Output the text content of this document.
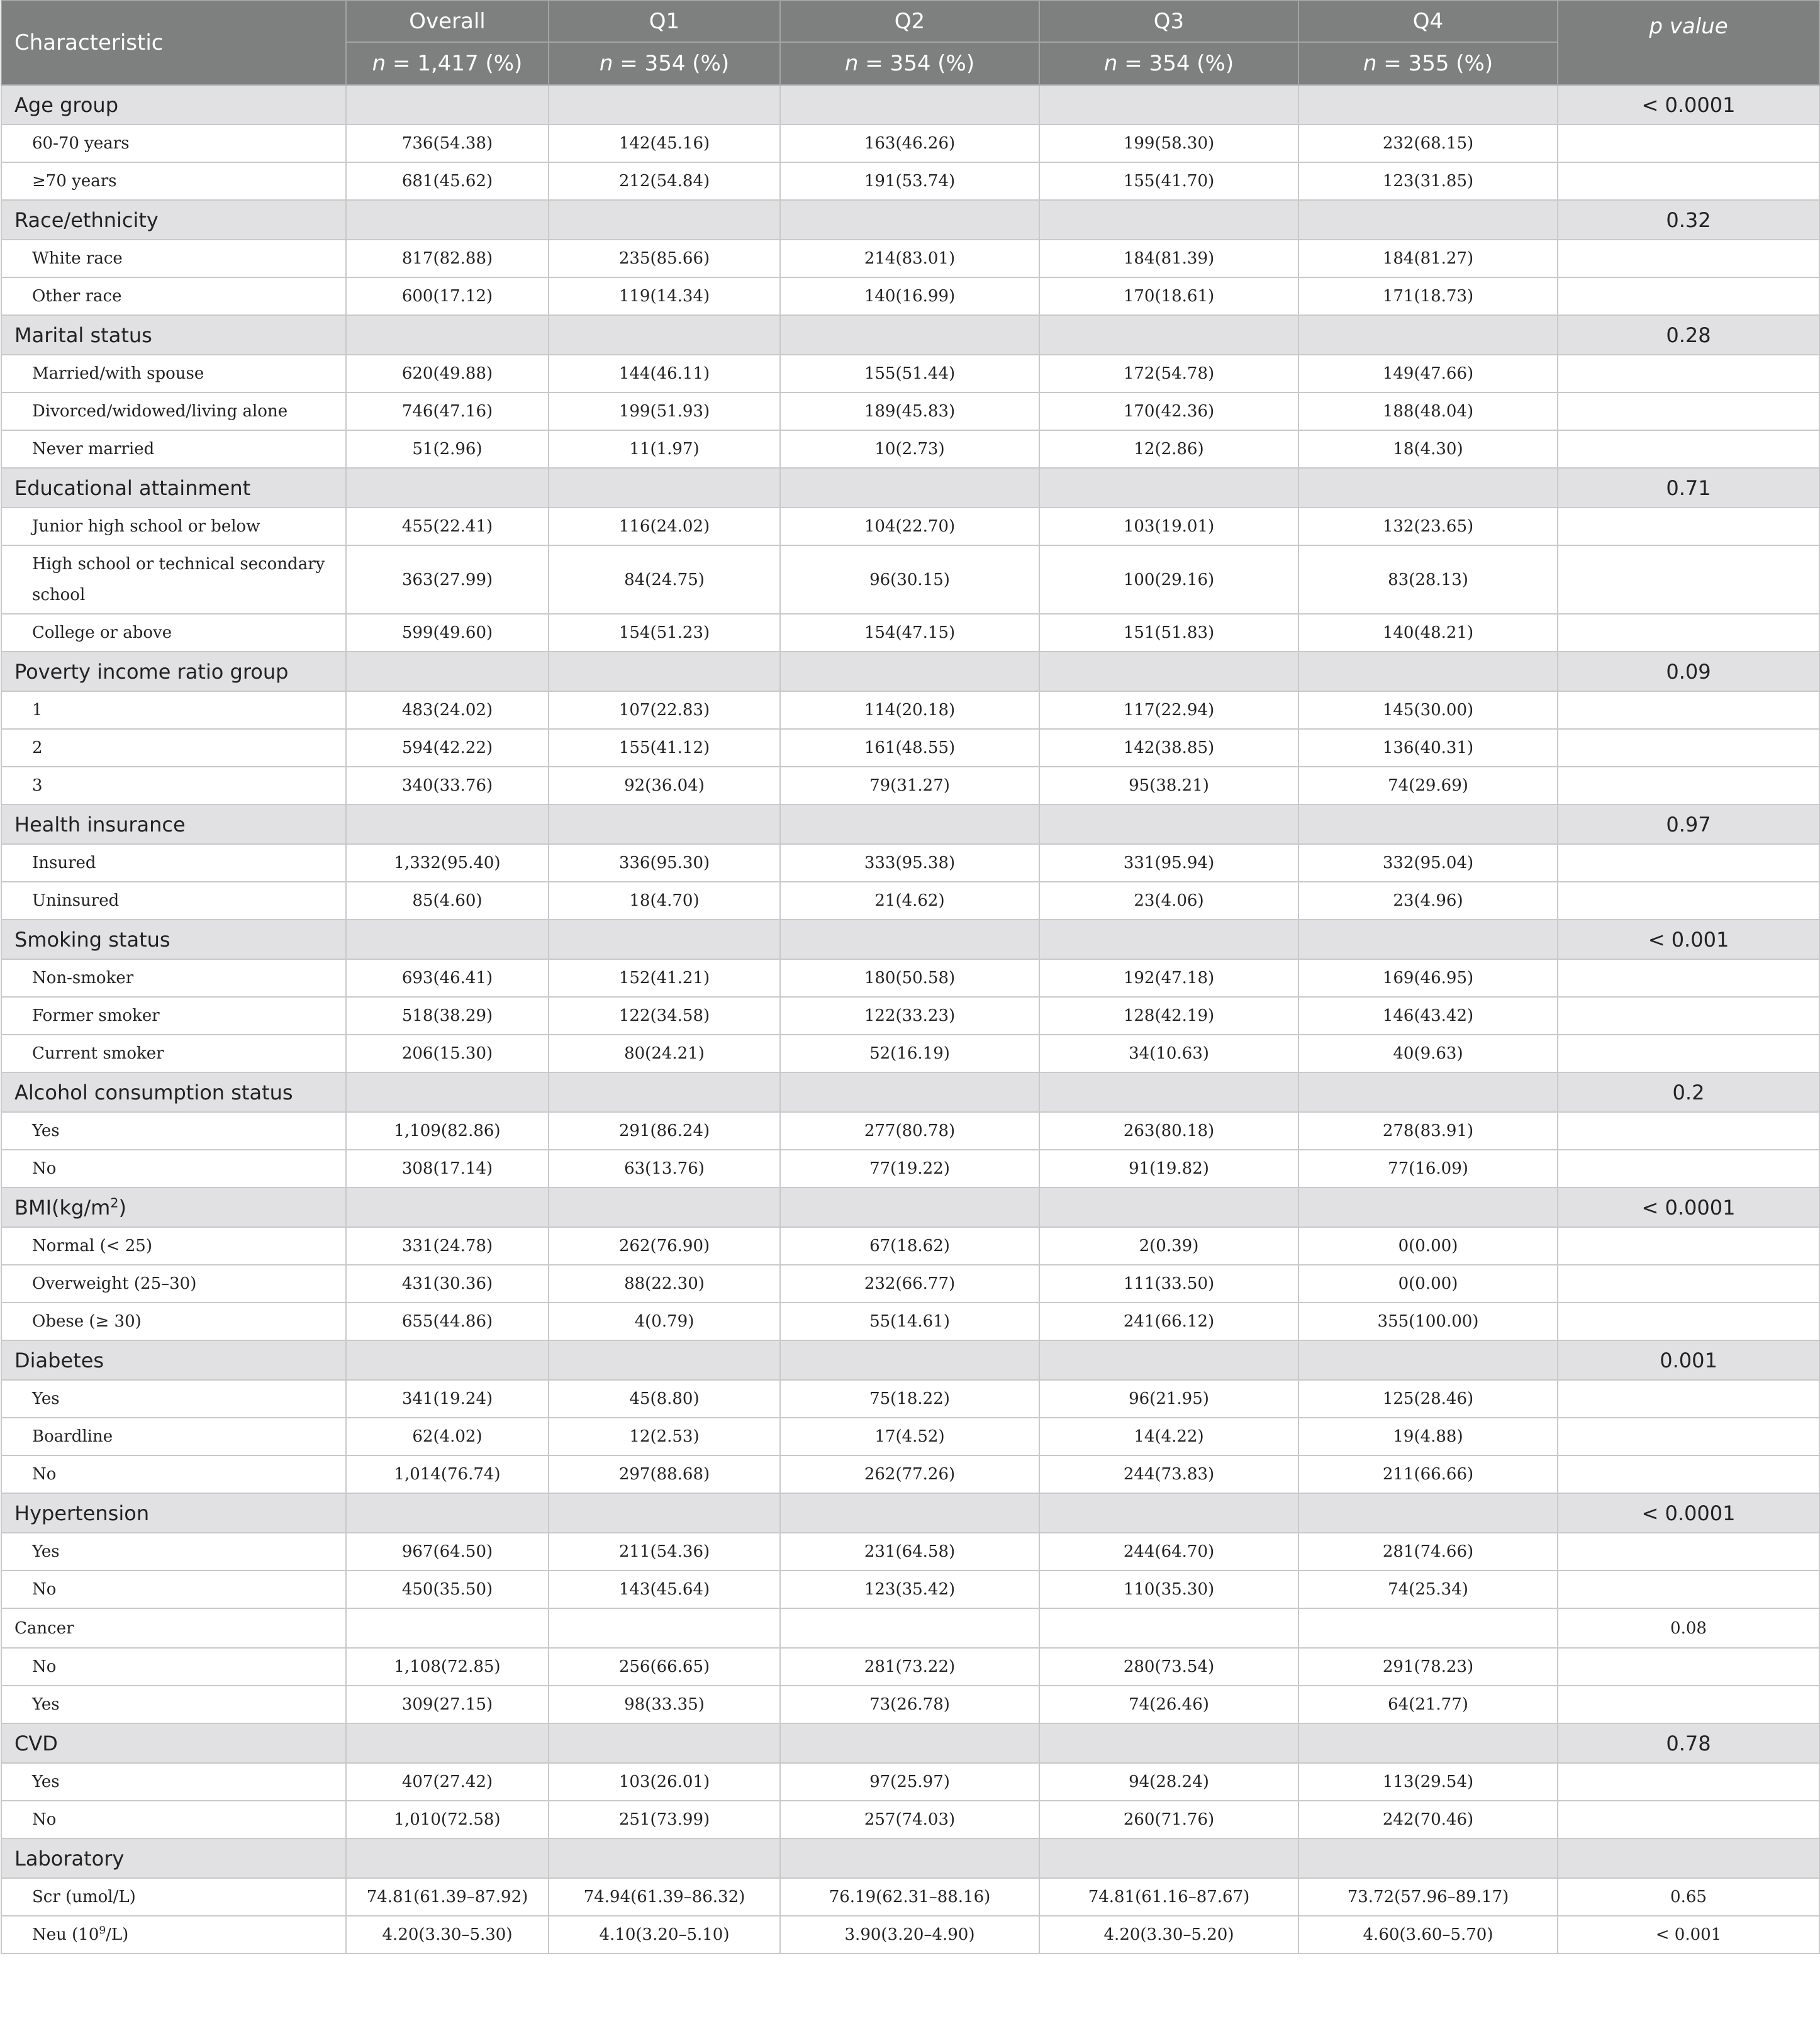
Characteristic	Overall	Q1	Q2	Q3	Q4	p value
	n = 1,417 (%)	n = 354 (%)	n = 354 (%)	n = 354 (%)	n = 355 (%)	
Age group						< 0.0001
60-70 years	736(54.38)	142(45.16)	163(46.26)	199(58.30)	232(68.15)	
≥70 years	681(45.62)	212(54.84)	191(53.74)	155(41.70)	123(31.85)	
Race/ethnicity						0.32
White race	817(82.88)	235(85.66)	214(83.01)	184(81.39)	184(81.27)	
Other race	600(17.12)	119(14.34)	140(16.99)	170(18.61)	171(18.73)	
Marital status						0.28
Married/with spouse	620(49.88)	144(46.11)	155(51.44)	172(54.78)	149(47.66)	
Divorced/widowed/living alone	746(47.16)	199(51.93)	189(45.83)	170(42.36)	188(48.04)	
Never married	51(2.96)	11(1.97)	10(2.73)	12(2.86)	18(4.30)	
Educational attainment						0.71
Junior high school or below	455(22.41)	116(24.02)	104(22.70)	103(19.01)	132(23.65)	
High school or technical secondary school	363(27.99)	84(24.75)	96(30.15)	100(29.16)	83(28.13)	
College or above	599(49.60)	154(51.23)	154(47.15)	151(51.83)	140(48.21)	
Poverty income ratio group						0.09
1	483(24.02)	107(22.83)	114(20.18)	117(22.94)	145(30.00)	
2	594(42.22)	155(41.12)	161(48.55)	142(38.85)	136(40.31)	
3	340(33.76)	92(36.04)	79(31.27)	95(38.21)	74(29.69)	
Health insurance						0.97
Insured	1,332(95.40)	336(95.30)	333(95.38)	331(95.94)	332(95.04)	
Uninsured	85(4.60)	18(4.70)	21(4.62)	23(4.06)	23(4.96)	
Smoking status						< 0.001
Non-smoker	693(46.41)	152(41.21)	180(50.58)	192(47.18)	169(46.95)	
Former smoker	518(38.29)	122(34.58)	122(33.23)	128(42.19)	146(43.42)	
Current smoker	206(15.30)	80(24.21)	52(16.19)	34(10.63)	40(9.63)	
Alcohol consumption status						0.2
Yes	1,109(82.86)	291(86.24)	277(80.78)	263(80.18)	278(83.91)	
No	308(17.14)	63(13.76)	77(19.22)	91(19.82)	77(16.09)	
$BMI(kg/m^2)$						< 0.0001
Normal (< 25)	331(24.78)	262(76.90)	67(18.62)	2(0.39)	0(0.00)	
Overweight (25–30)	431(30.36)	88(22.30)	232(66.77)	111(33.50)	0(0.00)	
Obese (≥ 30)	655(44.86)	4(0.79)	55(14.61)	241(66.12)	355(100.00)	
Diabetes						0.001
Yes	341(19.24)	45(8.80)	75(18.22)	96(21.95)	125(28.46)	
Boardline	62(4.02)	12(2.53)	17(4.52)	14(4.22)	19(4.88)	
No	1,014(76.74)	297(88.68)	262(77.26)	244(73.83)	211(66.66)	
Hypertension						< 0.0001
Yes	967(64.50)	211(54.36)	231(64.58)	244(64.70)	281(74.66)	
No	450(35.50)	143(45.64)	123(35.42)	110(35.30)	74(25.34)	
Cancer						0.08
No	1,108(72.85)	256(66.65)	281(73.22)	280(73.54)	291(78.23)	
Yes	309(27.15)	98(33.35)	73(26.78)	74(26.46)	64(21.77)	
CVD						0.78
Yes	407(27.42)	103(26.01)	97(25.97)	94(28.24)	113(29.54)	
No	1,010(72.58)	251(73.99)	257(74.03)	260(71.76)	242(70.46)	
Laboratory						
Scr (umol/L)	74.81(61.39–87.92)	74.94(61.39–86.32)	76.19(62.31–88.16)	74.81(61.16–87.67)	73.72(57.96–89.17)	0.65
Neu $(10^9/L)$	4.20(3.30–5.30)	4.10(3.20–5.10)	3.90(3.20–4.90)	4.20(3.30–5.20)	4.60(3.60–5.70)	< 0.001
